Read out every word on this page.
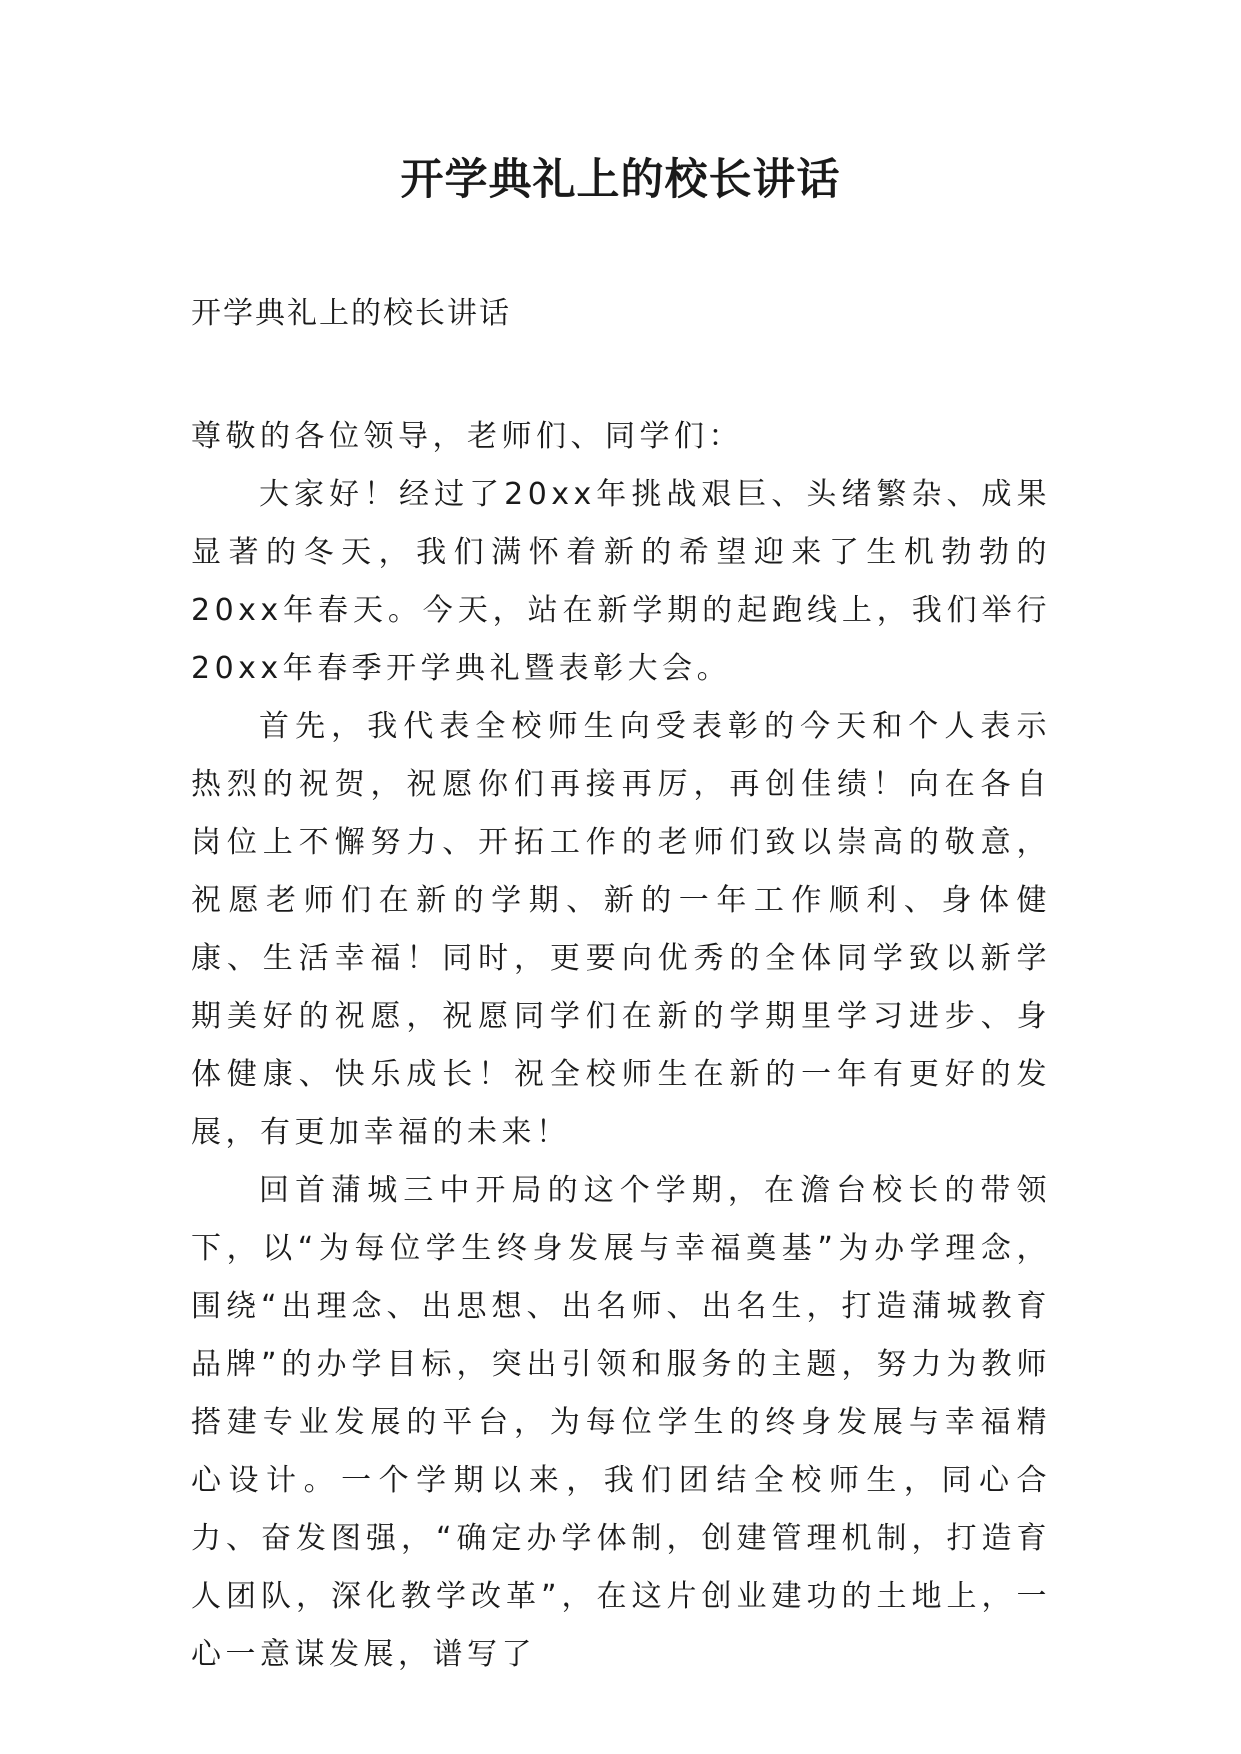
开学典礼上的校长讲话

开学典礼上的校长讲话

尊敬的各位领导，老师们、同学们：

大家好！经过了20xx年挑战艰巨、头绪繁杂、成果显著的冬天，我们满怀着新的希望迎来了生机勃勃的20xx年春天。今天，站在新学期的起跑线上，我们举行20xx年春季开学典礼暨表彰大会。

首先，我代表全校师生向受表彰的今天和个人表示热烈的祝贺，祝愿你们再接再厉，再创佳绩！向在各自岗位上不懈努力、开拓工作的老师们致以崇高的敬意，祝愿老师们在新的学期、新的一年工作顺利、身体健康、生活幸福！同时，更要向优秀的全体同学致以新学期美好的祝愿，祝愿同学们在新的学期里学习进步、身体健康、快乐成长！祝全校师生在新的一年有更好的发展，有更加幸福的未来！

回首蒲城三中开局的这个学期，在澹台校长的带领下，以“为每位学生终身发展与幸福奠基”为办学理念，围绕“出理念、出思想、出名师、出名生，打造蒲城教育品牌”的办学目标，突出引领和服务的主题，努力为教师搭建专业发展的平台，为每位学生的终身发展与幸福精心设计。一个学期以来，我们团结全校师生，同心合力、奋发图强，“确定办学体制，创建管理机制，打造育人团队，深化教学改革”，在这片创业建功的土地上，一心一意谋发展，谱写了
